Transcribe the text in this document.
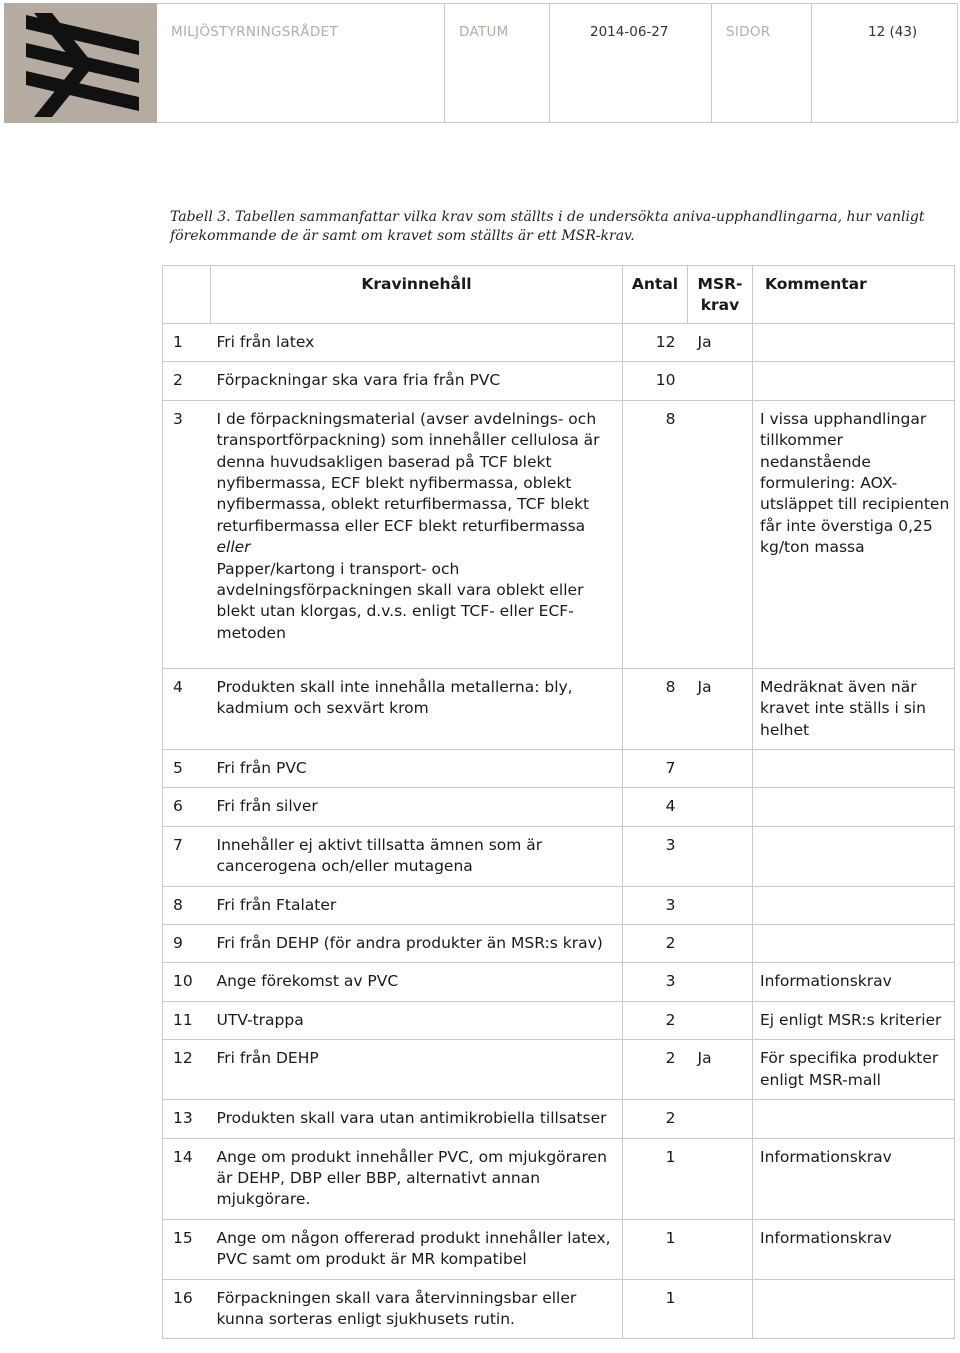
MILJÖSTYRNINGSRÅDET	DATUM	2014-06-27	SIDOR	12 (43)
Tabell 3. Tabellen sammanfattar vilka krav som ställts i de undersökta aniva-upphandlingarna, hur vanligt förekommande de är samt om kravet som ställts är ett MSR-krav.
	Kravinnehåll	Antal	MSR-krav	Kommentar
1	Fri från latex	12	Ja	
2	Förpackningar ska vara fria från PVC	10		
3	I de förpackningsmaterial (avser avdelnings- och transportförpackning) som innehåller cellulosa är denna huvudsakligen baserad på TCF blekt nyfibermassa, ECF blekt nyfibermassa, oblekt nyfibermassa, oblekt returfibermassa, TCF blekt returfibermassa eller ECF blekt returfibermassa
eller
Papper/kartong i transport- och avdelningsförpackningen skall vara oblekt eller blekt utan klorgas, d.v.s. enligt TCF- eller ECF-metoden	8		I vissa upphandlingar tillkommer nedanstående formulering: AOX-utsläppet till recipienten får inte överstiga 0,25 kg/ton massa
4	Produkten skall inte innehålla metallerna: bly, kadmium och sexvärt krom	8	Ja	Medräknat även när kravet inte ställs i sin helhet
5	Fri från PVC	7		
6	Fri från silver	4		
7	Innehåller ej aktivt tillsatta ämnen som är cancerogena och/eller mutagena	3		
8	Fri från Ftalater	3		
9	Fri från DEHP (för andra produkter än MSR:s krav)	2		
10	Ange förekomst av PVC	3		Informationskrav
11	UTV-trappa	2		Ej enligt MSR:s kriterier
12	Fri från DEHP	2	Ja	För specifika produkter enligt MSR-mall
13	Produkten skall vara utan antimikrobiella tillsatser	2		
14	Ange om produkt innehåller PVC, om mjukgöraren är DEHP, DBP eller BBP, alternativt annan mjukgörare.	1		Informationskrav
15	Ange om någon offererad produkt innehåller latex, PVC samt om produkt är MR kompatibel	1		Informationskrav
16	Förpackningen skall vara återvinningsbar eller kunna sorteras enligt sjukhusets rutin.	1		
